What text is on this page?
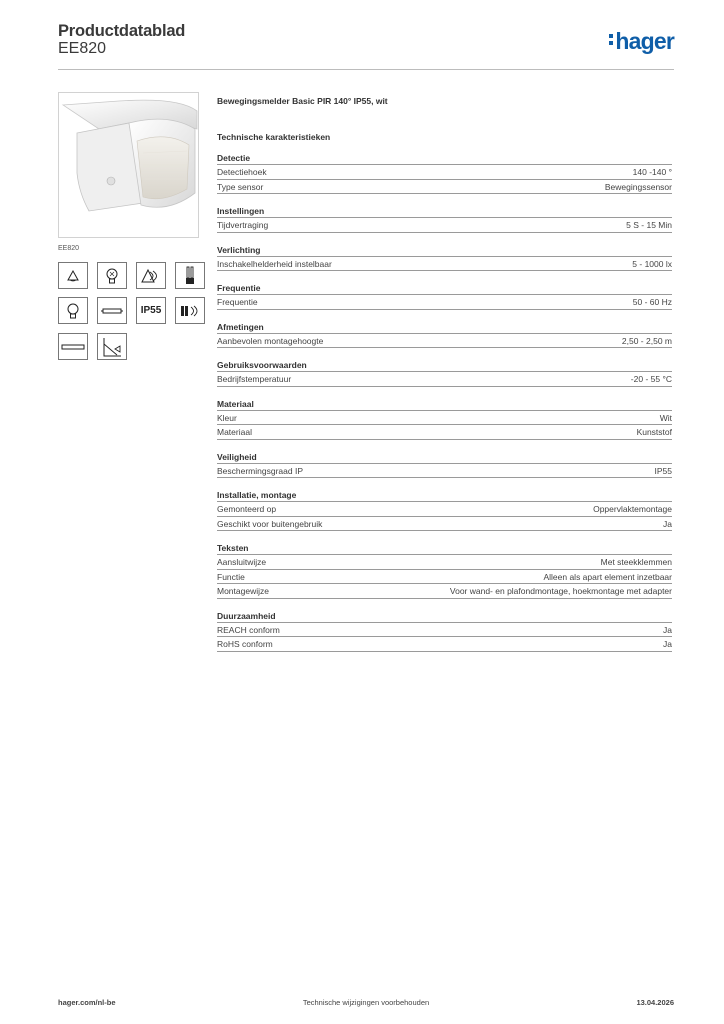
Productdatablad
EE820	hager
EE820
IP55
Bewegingsmelder Basic PIR 140° IP55, wit
Technische karakteristieken
Detectie
Detectiehoek	140 -140 °
Type sensor	Bewegingssensor
Instellingen
Tijdvertraging	5 S - 15 Min
Verlichting
Inschakelhelderheid instelbaar	5 - 1000 lx
Frequentie
Frequentie	50 - 60 Hz
Afmetingen
Aanbevolen montagehoogte	2,50 - 2,50 m
Gebruiksvoorwaarden
Bedrijfstemperatuur	-20 - 55 °C
Materiaal
Kleur	Wit
Materiaal	Kunststof
Veiligheid
Beschermingsgraad IP	IP55
Installatie, montage
Gemonteerd op	Oppervlaktemontage
Geschikt voor buitengebruik	Ja
Teksten
Aansluitwijze	Met steekklemmen
Functie	Alleen als apart element inzetbaar
Montagewijze	Voor wand- en plafondmontage, hoekmontage met adapter
Duurzaamheid
REACH conform	Ja
RoHS conform	Ja
hager.com/nl-be	Technische wijzigingen voorbehouden	13.04.2026
